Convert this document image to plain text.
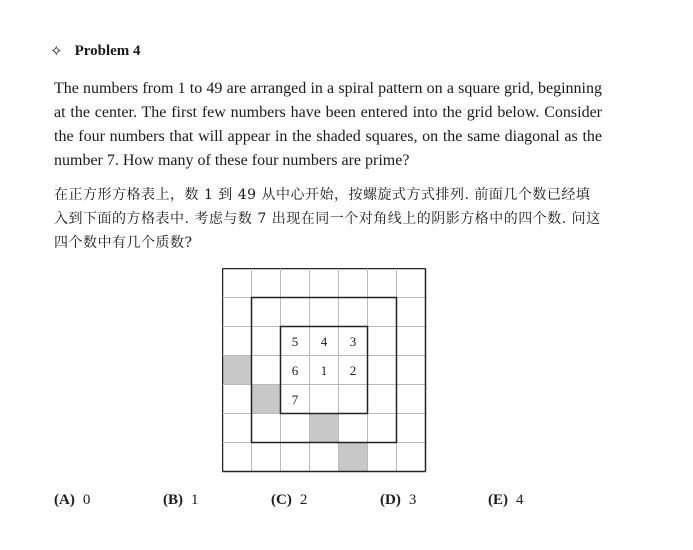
✧ Problem 4

The numbers from 1 to 49 are arranged in a spiral pattern on a square grid, beginning at the center. The first few numbers have been entered into the grid below. Consider the four numbers that will appear in the shaded squares, on the same diagonal as the number 7. How many of these four numbers are prime?

在正方形方格表上，数 1 到 49 从中心开始，按螺旋式方式排列. 前面几个数已经填入到下面的方格表中. 考虑与数 7 出现在同一个对角线上的阴影方格中的四个数. 问这四个数中有几个质数?

5	4	3
6	1	2
7
(A) 0	(B) 1	(C) 2	(D) 3	(E) 4
